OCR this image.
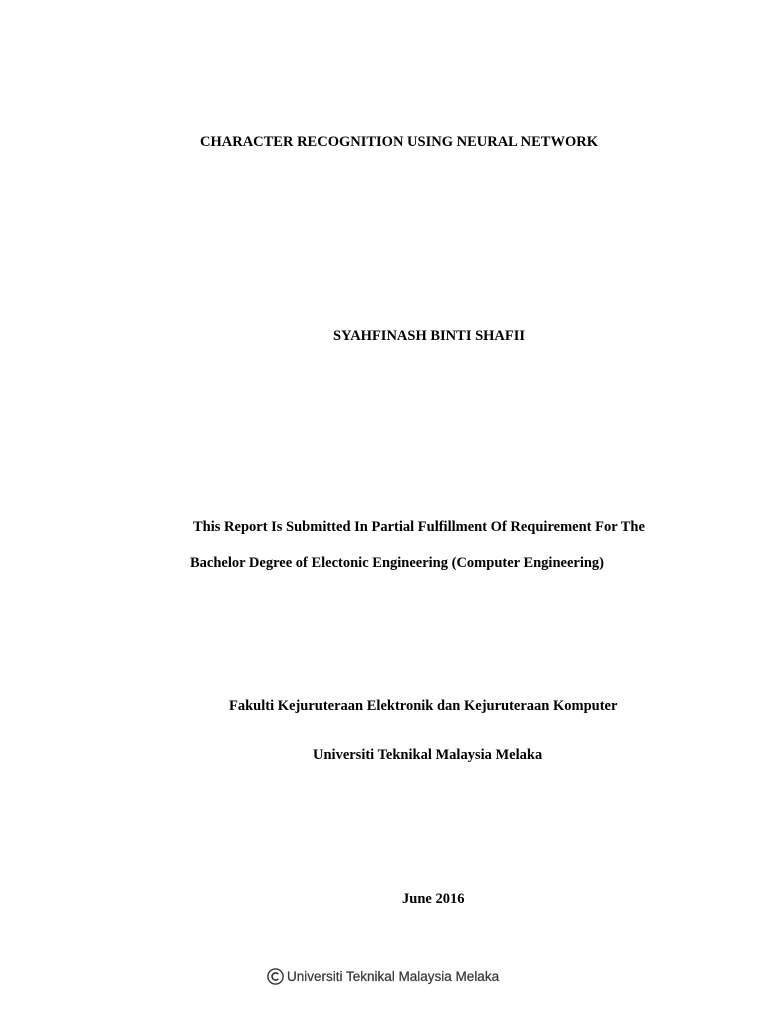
CHARACTER RECOGNITION USING NEURAL NETWORK
SYAHFINASH BINTI SHAFII
This Report Is Submitted In Partial Fulfillment Of Requirement For The
Bachelor Degree of Electonic Engineering (Computer Engineering)
Fakulti Kejuruteraan Elektronik dan Kejuruteraan Komputer
Universiti Teknikal Malaysia Melaka
June 2016
Universiti Teknikal Malaysia Melaka
